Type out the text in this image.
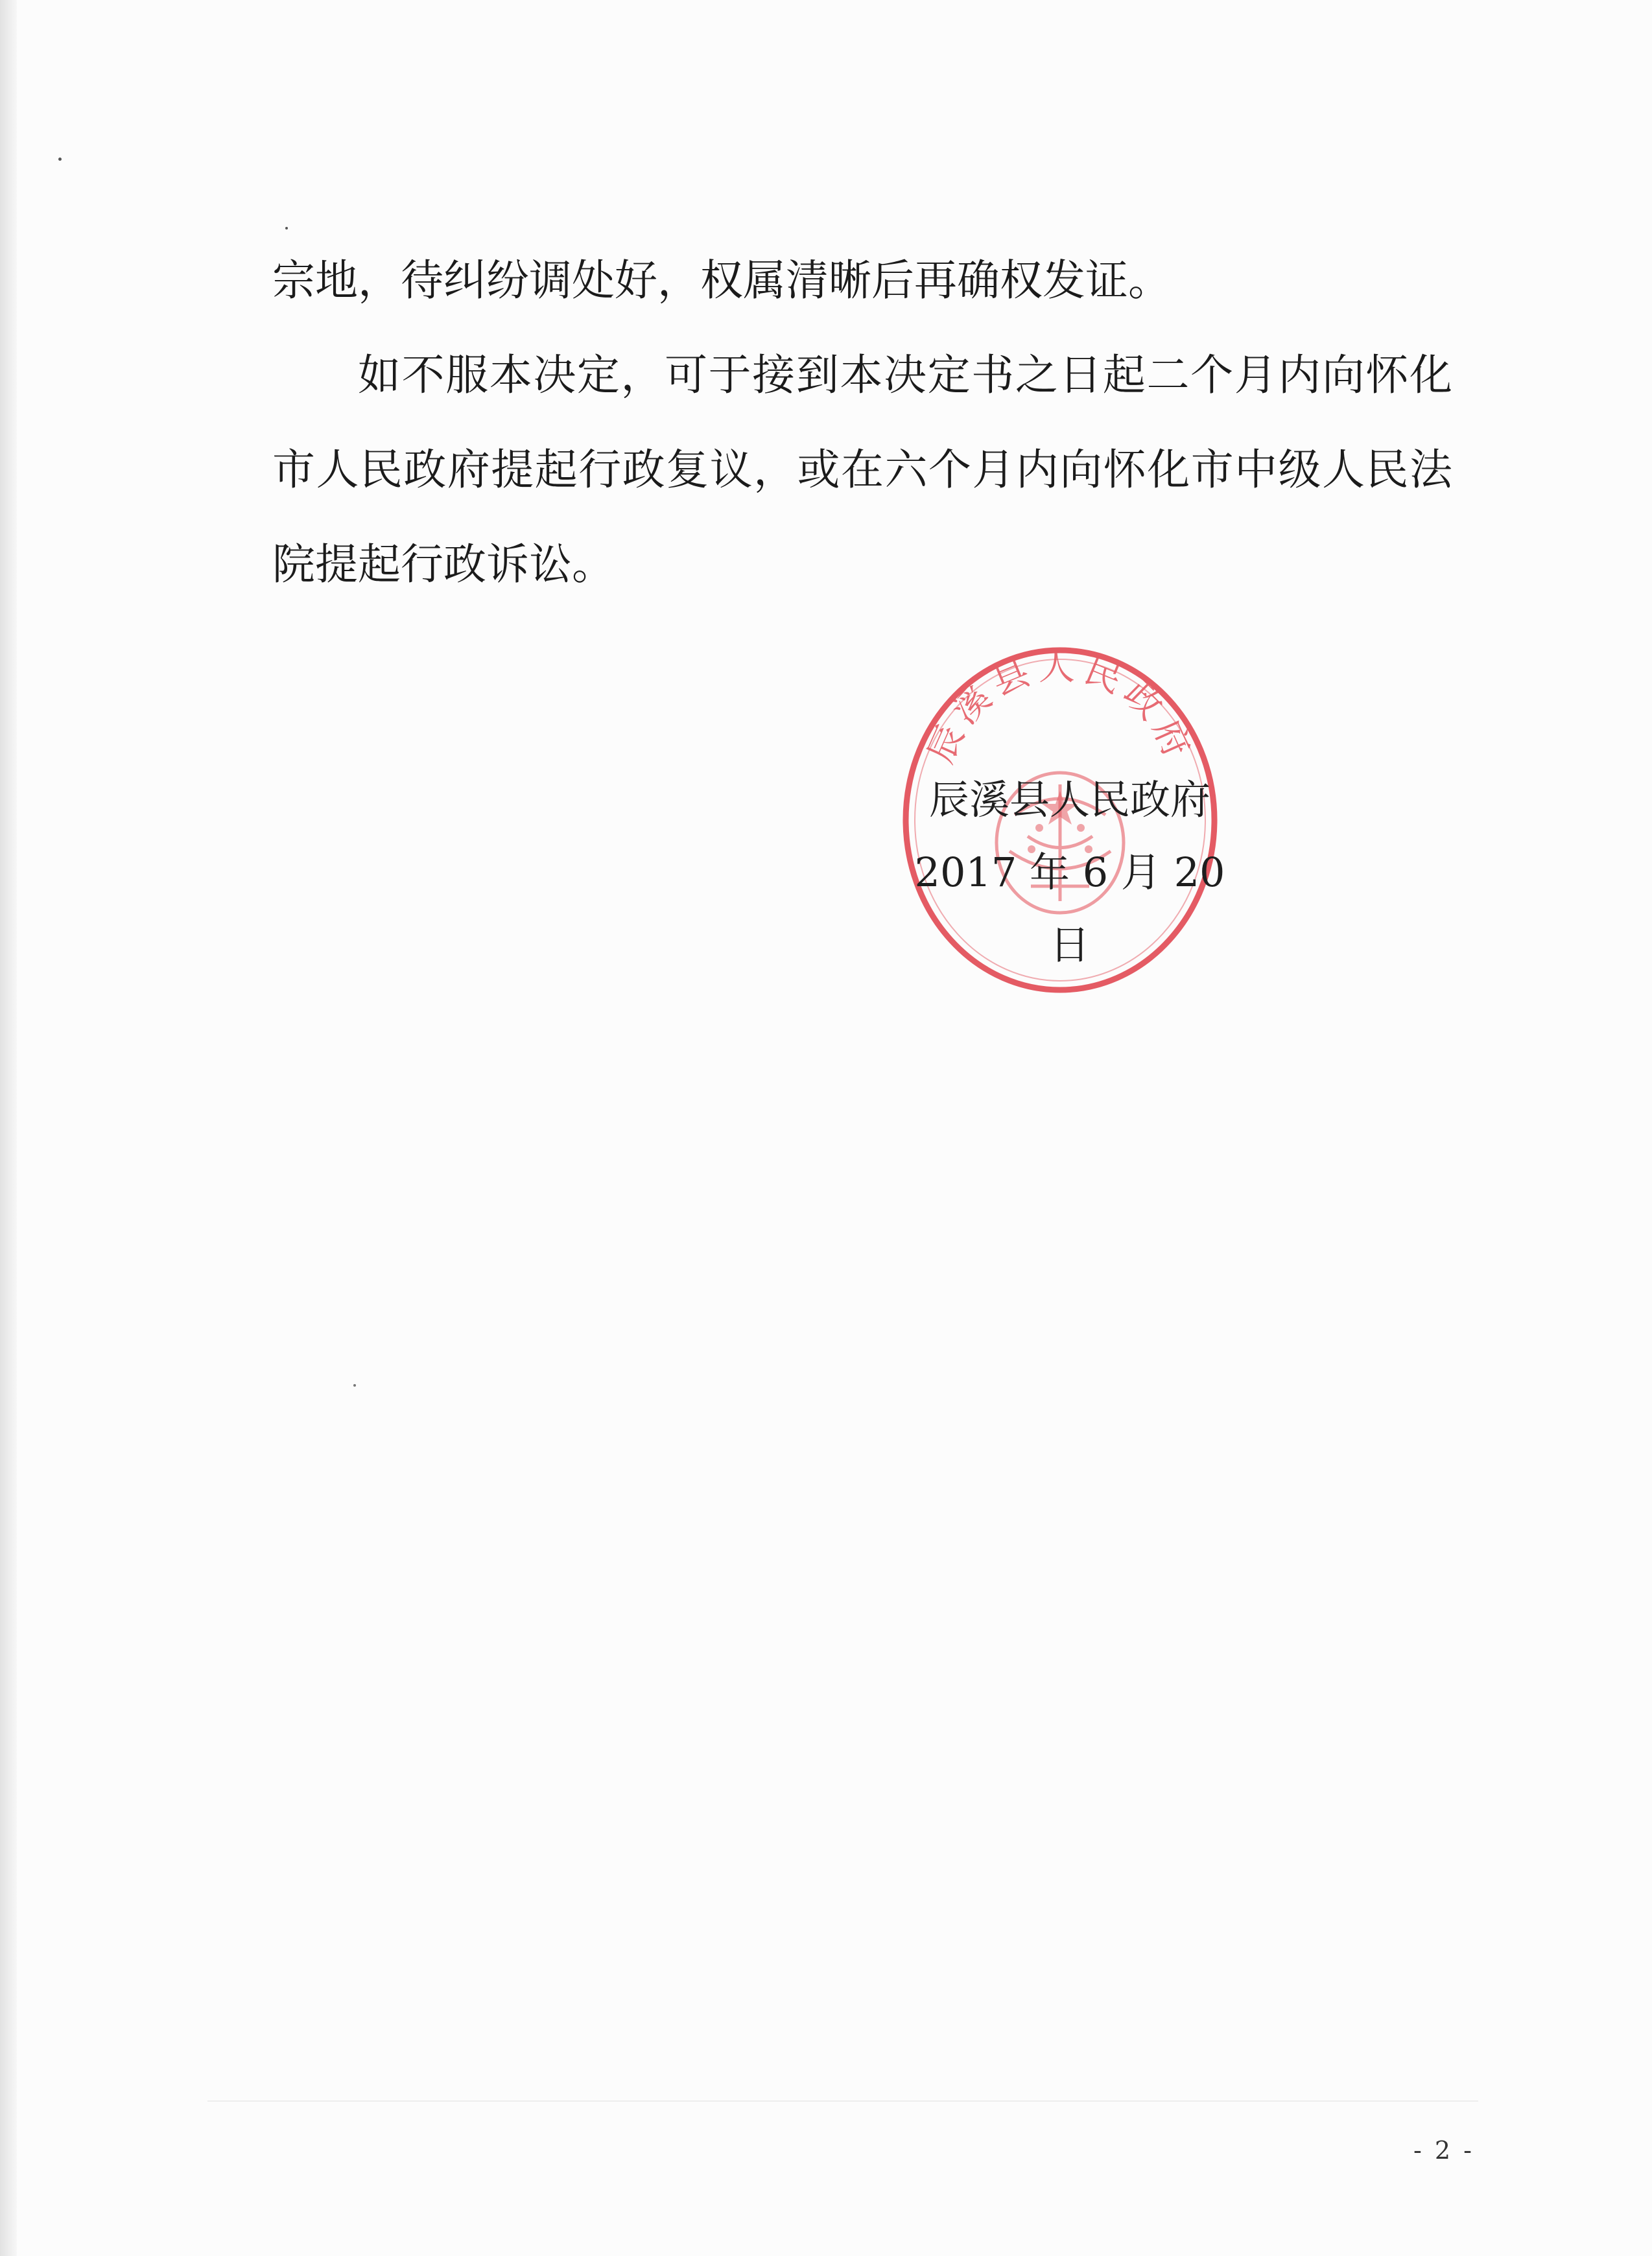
宗地，待纠纷调处好，权属清晰后再确权发证。

如不服本决定，可于接到本决定书之日起二个月内向怀化市人民政府提起行政复议，或在六个月内向怀化市中级人民法院提起行政诉讼。

辰溪县人民政府
辰溪县人民政府
2017 年 6 月 20 日
- 2 -
